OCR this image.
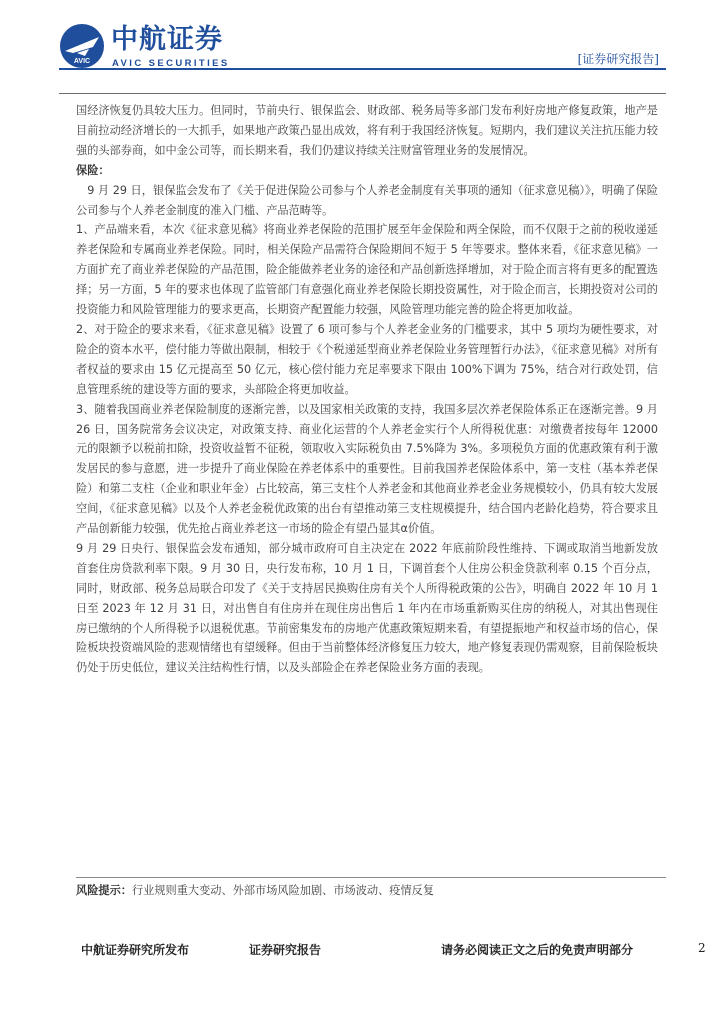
AVIC
中航证券
AVIC SECURITIES	[证券研究报告]

国经济恢复仍具较大压力。但同时，节前央行、银保监会、财政部、税务局等多部门发布利好房地产修复政策，地产是目前拉动经济增长的一大抓手，如果地产政策凸显出成效，将有利于我国经济恢复。短期内，我们建议关注抗压能力较强的头部券商，如中金公司等，而长期来看，我们仍建议持续关注财富管理业务的发展情况。

保险：

9 月 29 日，银保监会发布了《关于促进保险公司参与个人养老金制度有关事项的通知（征求意见稿）》，明确了保险公司参与个人养老金制度的准入门槛、产品范畴等。

1、产品端来看，本次《征求意见稿》将商业养老保险的范围扩展至年金保险和两全保险，而不仅限于之前的税收递延养老保险和专属商业养老保险。同时，相关保险产品需符合保险期间不短于 5 年等要求。整体来看，《征求意见稿》一方面扩充了商业养老保险的产品范围，险企能做养老业务的途径和产品创新选择增加，对于险企而言将有更多的配置选择；另一方面，5 年的要求也体现了监管部门有意强化商业养老保险长期投资属性，对于险企而言，长期投资对公司的投资能力和风险管理能力的要求更高，长期资产配置能力较强，风险管理功能完善的险企将更加收益。

2、对于险企的要求来看，《征求意见稿》设置了 6 项可参与个人养老金业务的门槛要求，其中 5 项均为硬性要求，对险企的资本水平，偿付能力等做出限制，相较于《个税递延型商业养老保险业务管理暂行办法》，《征求意见稿》对所有者权益的要求由 15 亿元提高至 50 亿元，核心偿付能力充足率要求下限由 100%下调为 75%，结合对行政处罚，信息管理系统的建设等方面的要求，头部险企将更加收益。

3、随着我国商业养老保险制度的逐渐完善，以及国家相关政策的支持，我国多层次养老保险体系正在逐渐完善。9 月 26 日，国务院常务会议决定，对政策支持、商业化运营的个人养老金实行个人所得税优惠：对缴费者按每年 12000 元的限额予以税前扣除，投资收益暂不征税，领取收入实际税负由 7.5%降为 3%。多项税负方面的优惠政策有利于激发居民的参与意愿，进一步提升了商业保险在养老体系中的重要性。目前我国养老保险体系中，第一支柱（基本养老保险）和第二支柱（企业和职业年金）占比较高，第三支柱个人养老金和其他商业养老金业务规模较小，仍具有较大发展空间，《征求意见稿》以及个人养老金税优政策的出台有望推动第三支柱规模提升，结合国内老龄化趋势，符合要求且产品创新能力较强，优先抢占商业养老这一市场的险企有望凸显其α价值。

9 月 29 日央行、银保监会发布通知，部分城市政府可自主决定在 2022 年底前阶段性维持、下调或取消当地新发放首套住房贷款利率下限。9 月 30 日，央行发布称，10 月 1 日，下调首套个人住房公积金贷款利率 0.15 个百分点，同时，财政部、税务总局联合印发了《关于支持居民换购住房有关个人所得税政策的公告》，明确自 2022 年 10 月 1 日至 2023 年 12 月 31 日，对出售自有住房并在现住房出售后 1 年内在市场重新购买住房的纳税人，对其出售现住房已缴纳的个人所得税予以退税优惠。节前密集发布的房地产优惠政策短期来看，有望提振地产和权益市场的信心，保险板块投资端风险的悲观情绪也有望缓释。但由于当前整体经济修复压力较大，地产修复表现仍需观察，目前保险板块仍处于历史低位，建议关注结构性行情，以及头部险企在养老保险业务方面的表现。

风险提示：行业规则重大变动、外部市场风险加剧、市场波动、疫情反复
中航证券研究所发布	证券研究报告	请务必阅读正文之后的免责声明部分	2
